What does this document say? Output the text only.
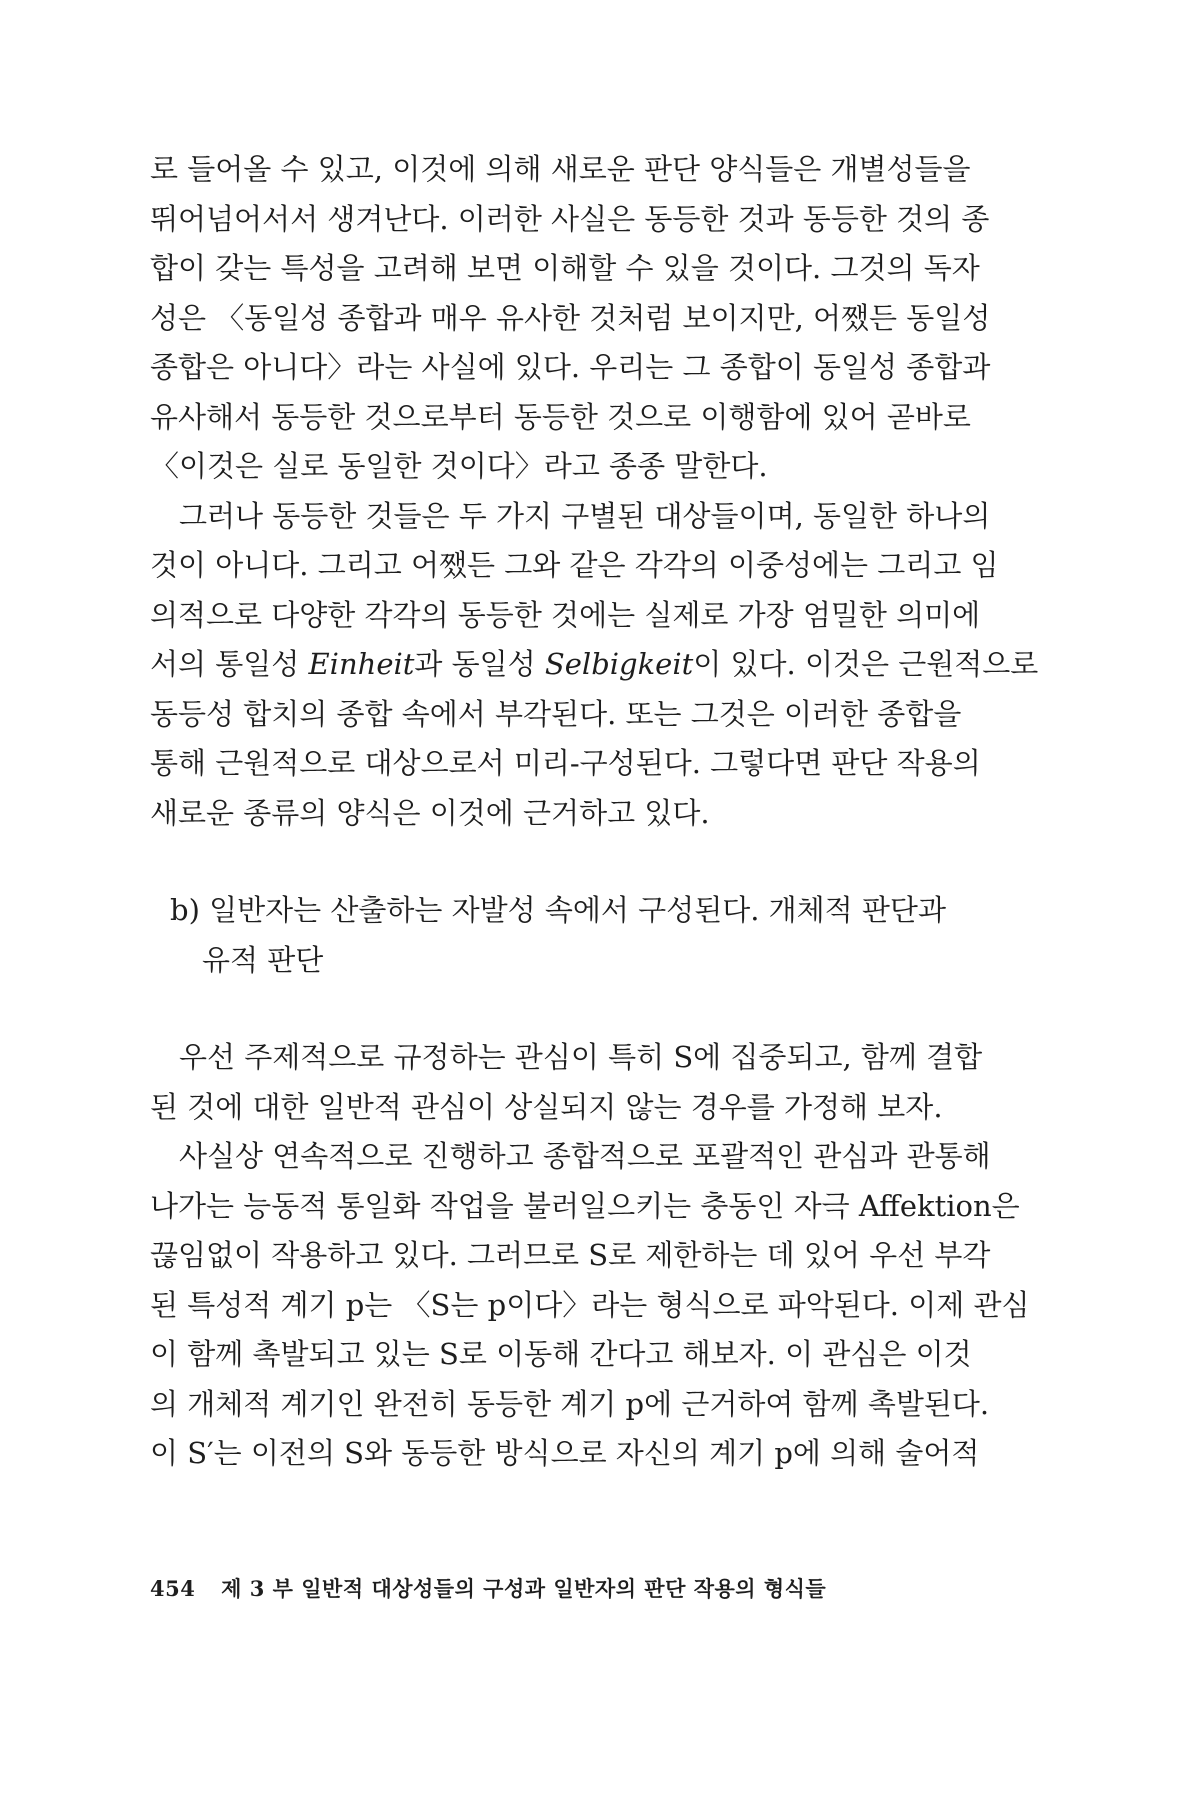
로 들어올 수 있고, 이것에 의해 새로운 판단 양식들은 개별성들을
뛰어넘어서서 생겨난다. 이러한 사실은 동등한 것과 동등한 것의 종
합이 갖는 특성을 고려해 보면 이해할 수 있을 것이다. 그것의 독자
성은 〈동일성 종합과 매우 유사한 것처럼 보이지만, 어쨌든 동일성
종합은 아니다〉라는 사실에 있다. 우리는 그 종합이 동일성 종합과
유사해서 동등한 것으로부터 동등한 것으로 이행함에 있어 곧바로
〈이것은 실로 동일한 것이다〉라고 종종 말한다.

그러나 동등한 것들은 두 가지 구별된 대상들이며, 동일한 하나의
것이 아니다. 그리고 어쨌든 그와 같은 각각의 이중성에는 그리고 임
의적으로 다양한 각각의 동등한 것에는 실제로 가장 엄밀한 의미에
서의 통일성 Einheit과 동일성 Selbigkeit이 있다. 이것은 근원적으로
동등성 합치의 종합 속에서 부각된다. 또는 그것은 이러한 종합을
통해 근원적으로 대상으로서 미리-구성된다. 그렇다면 판단 작용의
새로운 종류의 양식은 이것에 근거하고 있다.

b) 일반자는 산출하는 자발성 속에서 구성된다. 개체적 판단과
유적 판단

우선 주제적으로 규정하는 관심이 특히 S에 집중되고, 함께 결합
된 것에 대한 일반적 관심이 상실되지 않는 경우를 가정해 보자.

사실상 연속적으로 진행하고 종합적으로 포괄적인 관심과 관통해
나가는 능동적 통일화 작업을 불러일으키는 충동인 자극 Affektion은
끊임없이 작용하고 있다. 그러므로 S로 제한하는 데 있어 우선 부각
된 특성적 계기 p는 〈S는 p이다〉라는 형식으로 파악된다. 이제 관심
이 함께 촉발되고 있는 S로 이동해 간다고 해보자. 이 관심은 이것
의 개체적 계기인 완전히 동등한 계기 p에 근거하여 함께 촉발된다.
이 S′는 이전의 S와 동등한 방식으로 자신의 계기 p에 의해 술어적

454 제 3 부 일반적 대상성들의 구성과 일반자의 판단 작용의 형식들
